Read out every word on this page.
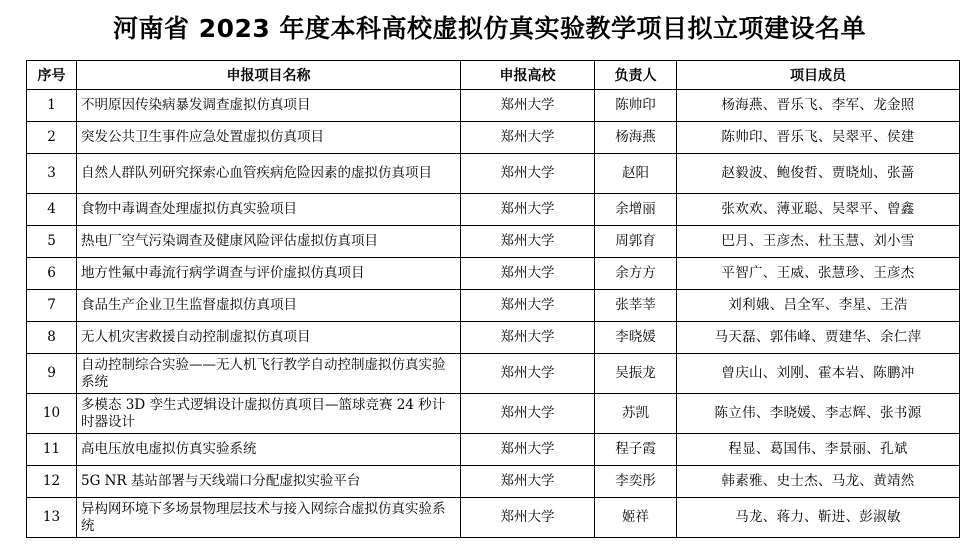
河南省 2023 年度本科高校虚拟仿真实验教学项目拟立项建设名单
序号	申报项目名称	申报高校	负责人	项目成员
1	不明原因传染病暴发调查虚拟仿真项目	郑州大学	陈帅印	杨海燕、晋乐飞、李军、龙金照
2	突发公共卫生事件应急处置虚拟仿真项目	郑州大学	杨海燕	陈帅印、晋乐飞、吴翠平、侯建
3	自然人群队列研究探索心血管疾病危险因素的虚拟仿真项目	郑州大学	赵阳	赵毅波、鲍俊哲、贾晓灿、张蔷
4	食物中毒调查处理虚拟仿真实验项目	郑州大学	余增丽	张欢欢、薄亚聪、吴翠平、曾鑫
5	热电厂空气污染调查及健康风险评估虚拟仿真项目	郑州大学	周郭育	巴月、王彦杰、杜玉慧、刘小雪
6	地方性氟中毒流行病学调查与评价虚拟仿真项目	郑州大学	余方方	平智广、王威、张慧珍、王彦杰
7	食品生产企业卫生监督虚拟仿真项目	郑州大学	张莘莘	刘利娥、吕全军、李星、王浩
8	无人机灾害救援自动控制虚拟仿真项目	郑州大学	李晓媛	马天磊、郭伟峰、贾建华、余仁萍
9	自动控制综合实验——无人机飞行教学自动控制虚拟仿真实验系统	郑州大学	吴振龙	曾庆山、刘刚、霍本岩、陈鹏冲
10	多模态 3D 孪生式逻辑设计虚拟仿真项目—篮球竞赛 24 秒计时器设计	郑州大学	苏凯	陈立伟、李晓媛、李志辉、张书源
11	高电压放电虚拟仿真实验系统	郑州大学	程子霞	程显、葛国伟、李景丽、孔斌
12	5G NR 基站部署与天线端口分配虚拟实验平台	郑州大学	李奕彤	韩素雅、史士杰、马龙、黄靖然
13	异构网环境下多场景物理层技术与接入网综合虚拟仿真实验系统	郑州大学	姬祥	马龙、蒋力、靳进、彭淑敏
